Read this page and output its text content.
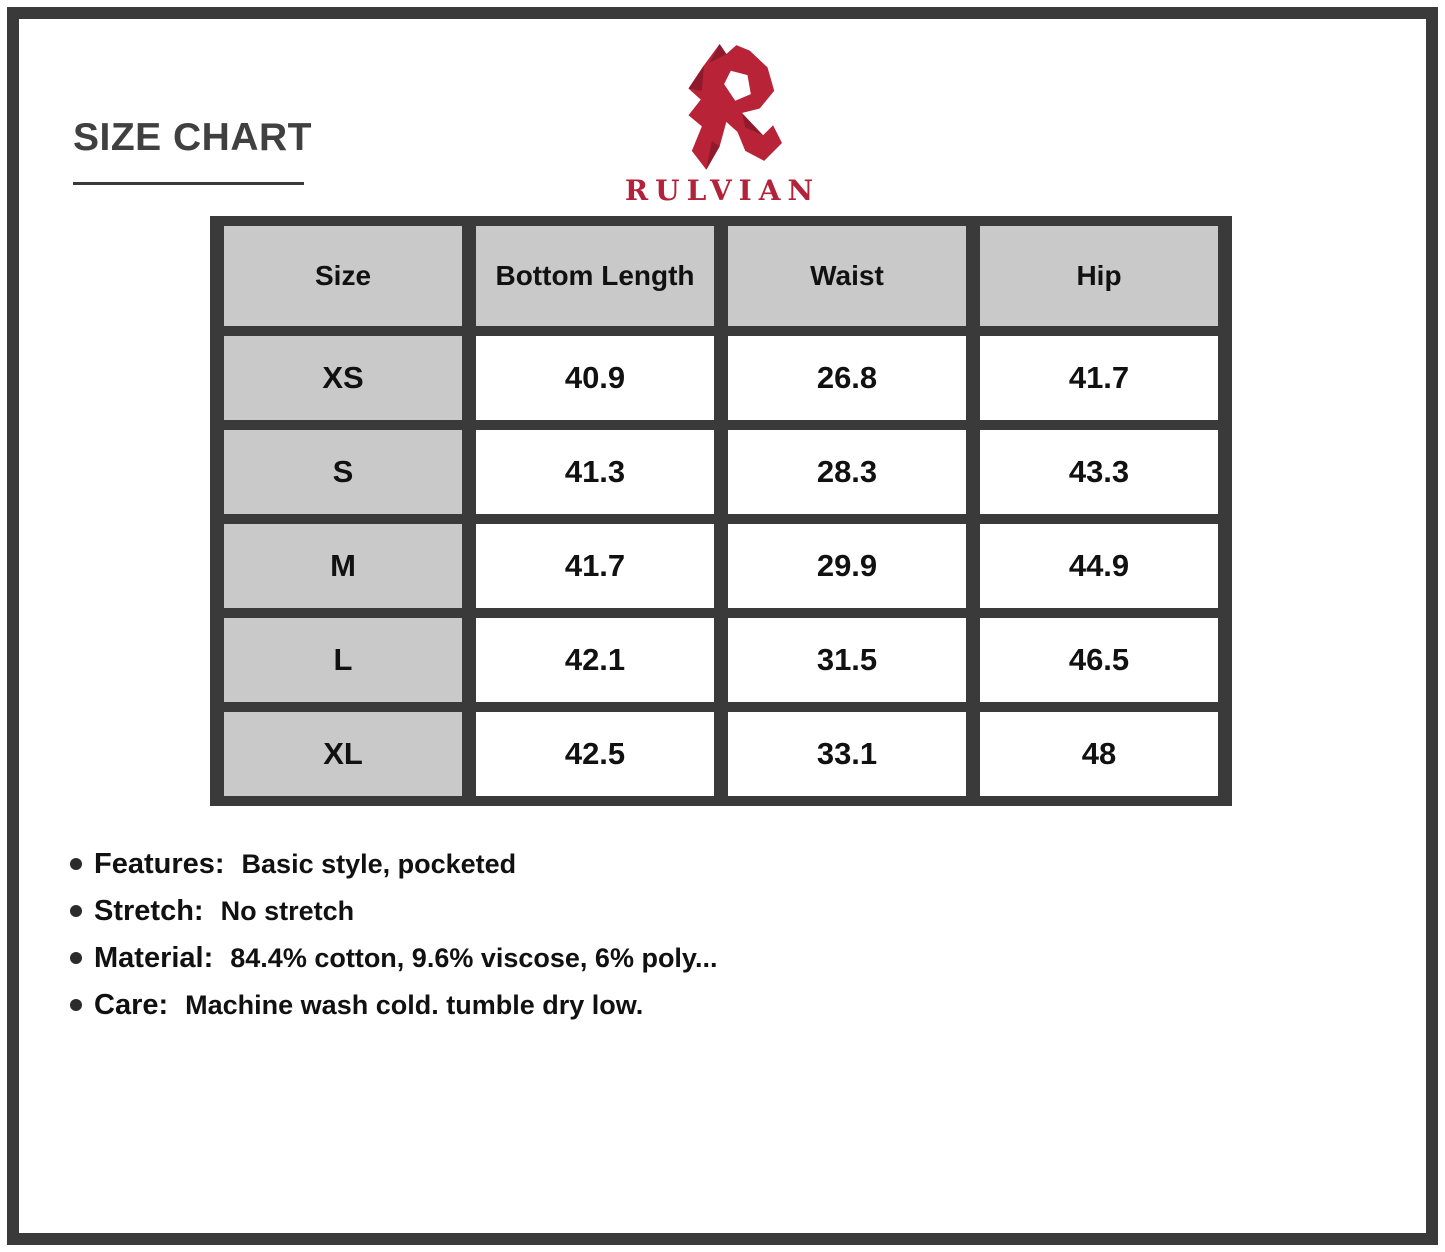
SIZE CHART
RULVIAN
Size	Bottom Length	Waist	Hip
XS	40.9	26.8	41.7
S	41.3	28.3	43.3
M	41.7	29.9	44.9
L	42.1	31.5	46.5
XL	42.5	33.1	48
Features: Basic style, pocketed
Stretch: No stretch
Material: 84.4% cotton, 9.6% viscose, 6% poly...
Care: Machine wash cold. tumble dry low.
